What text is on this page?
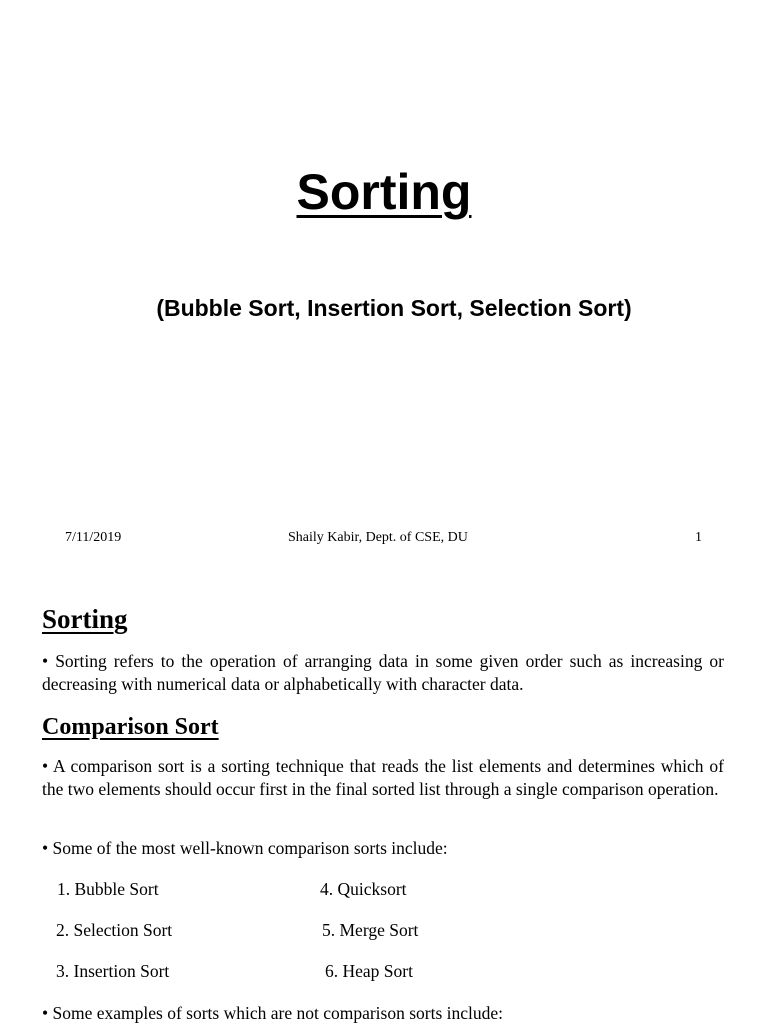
Sorting
(Bubble Sort, Insertion Sort, Selection Sort)
7/11/2019	Shaily Kabir, Dept. of CSE, DU	1
Sorting
• Sorting refers to the operation of arranging data in some given order such as increasing or decreasing with numerical data or alphabetically with character data.
Comparison Sort
• A comparison sort is a sorting technique that reads the list elements and determines which of the two elements should occur first in the final sorted list through a single comparison operation.
• Some of the most well-known comparison sorts include:
1. Bubble Sort
2. Selection Sort
3. Insertion Sort
4. Quicksort
5. Merge Sort
6. Heap Sort
• Some examples of sorts which are not comparison sorts include:
